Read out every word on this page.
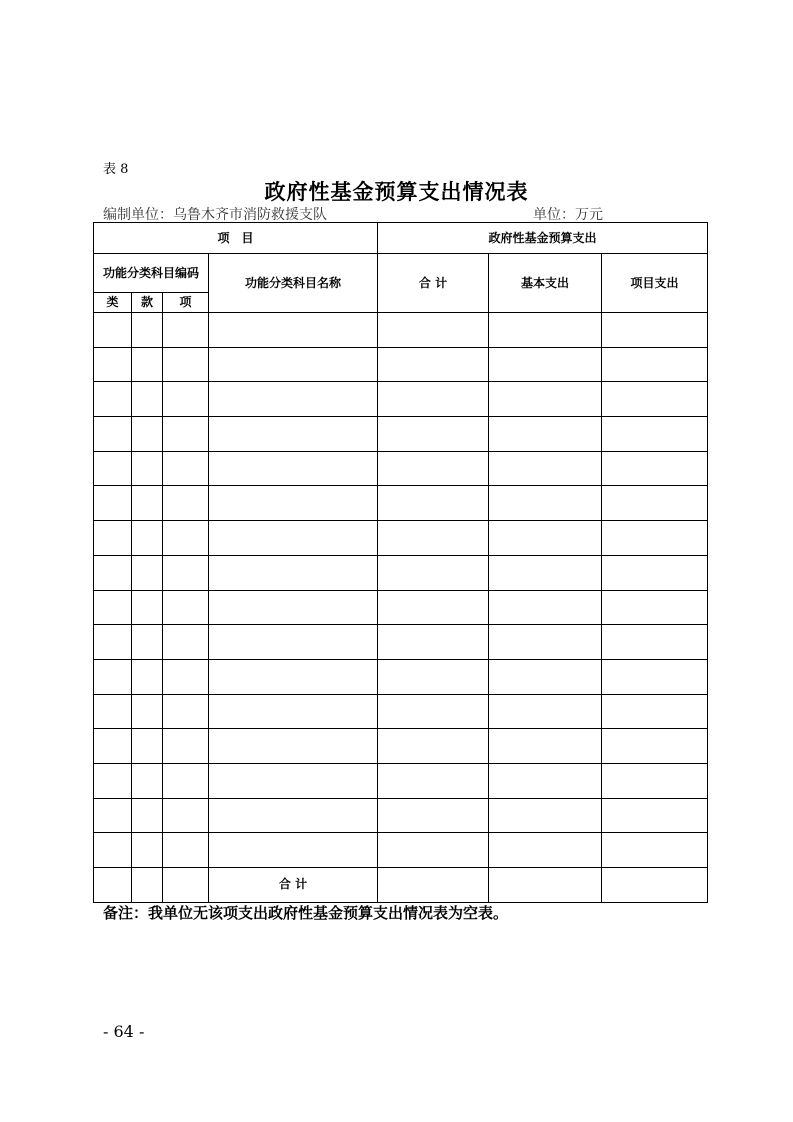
表 8
政府性基金预算支出情况表
编制单位：乌鲁木齐市消防救援支队	单位：万元
项　目				政府性基金预算支出		
功能分类科目编码			功能分类科目名称	合 计	基本支出	项目支出
类	款	项				

			合 计			
备注：我单位无该项支出政府性基金预算支出情况表为空表。
- 64 -
